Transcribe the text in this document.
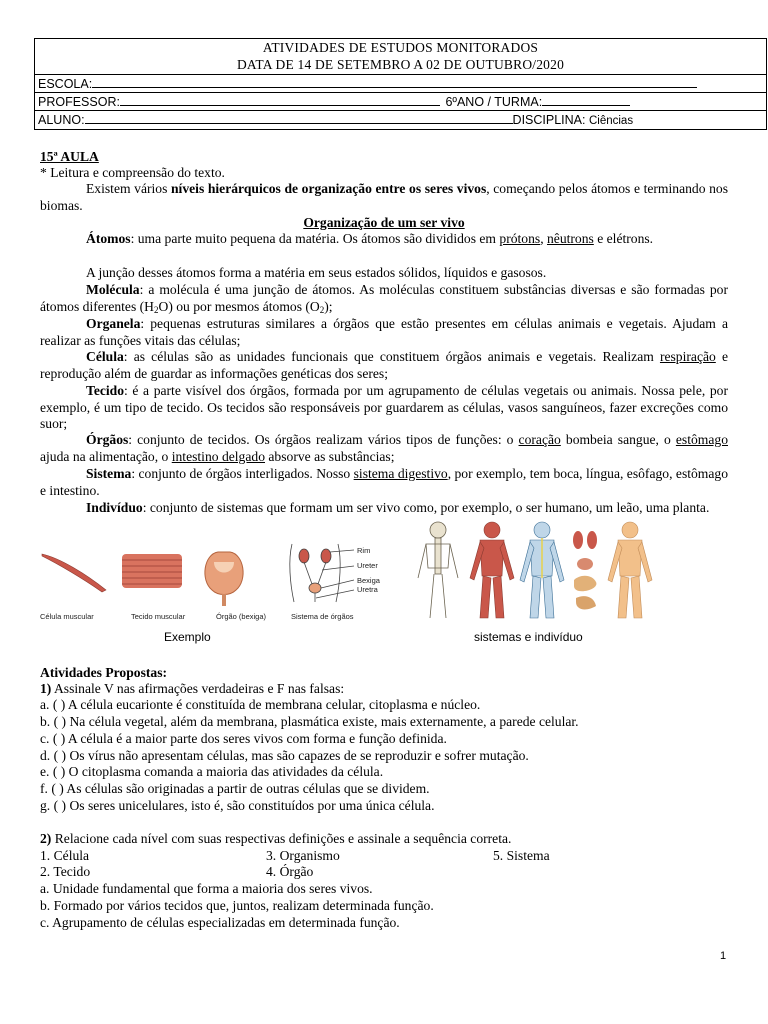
ATIVIDADES DE ESTUDOS MONITORADOS
DATA DE 14 DE SETEMBRO A 02 DE OUTUBRO/2020
ESCOLA:
PROFESSOR:	6ºANO / TURMA:
ALUNO:	DISCIPLINA: Ciências
15ª AULA
* Leitura e compreensão do texto.
Existem vários níveis hierárquicos de organização entre os seres vivos, começando pelos átomos e terminando nos biomas.
Organização de um ser vivo
Átomos: uma parte muito pequena da matéria. Os átomos são divididos em prótons, nêutrons e elétrons.
A junção desses átomos forma a matéria em seus estados sólidos, líquidos e gasosos.
Molécula: a molécula é uma junção de átomos. As moléculas constituem substâncias diversas e são formadas por átomos diferentes $(H_2O)$ ou por mesmos átomos $(O_2)$;
Organela: pequenas estruturas similares a órgãos que estão presentes em células animais e vegetais. Ajudam a realizar as funções vitais das células;
Célula: as células são as unidades funcionais que constituem órgãos animais e vegetais. Realizam respiração e reprodução além de guardar as informações genéticas dos seres;
Tecido: é a parte visível dos órgãos, formada por um agrupamento de células vegetais ou animais. Nossa pele, por exemplo, é um tipo de tecido. Os tecidos são responsáveis por guardarem as células, vasos sanguíneos, fazer excreções como suor;
Órgãos: conjunto de tecidos. Os órgãos realizam vários tipos de funções: o coração bombeia sangue, o estômago ajuda na alimentação, o intestino delgado absorve as substâncias;
Sistema: conjunto de órgãos interligados. Nosso sistema digestivo, por exemplo, tem boca, língua, esôfago, estômago e intestino.
Indivíduo: conjunto de sistemas que formam um ser vivo como, por exemplo, o ser humano, um leão, uma planta.
Rim
Ureter
Bexiga
Uretra
Célula muscular	Tecido muscular	Órgão (bexiga)	Sistema de órgãos
Exemplo	sistemas e indivíduo
Atividades Propostas:
1) Assinale V nas afirmações verdadeiras e F nas falsas:
a. ( ) A célula eucarionte é constituída de membrana celular, citoplasma e núcleo.
b. ( ) Na célula vegetal, além da membrana, plasmática existe, mais externamente, a parede celular.
c. ( ) A célula é a maior parte dos seres vivos com forma e função definida.
d. ( ) Os vírus não apresentam células, mas são capazes de se reproduzir e sofrer mutação.
e. ( ) O citoplasma comanda a maioria das atividades da célula.
f. ( ) As células são originadas a partir de outras células que se dividem.
g. ( ) Os seres unicelulares, isto é, são constituídos por uma única célula.
2) Relacione cada nível com suas respectivas definições e assinale a sequência correta.
1. Célula	3. Organismo	5. Sistema
2. Tecido	4. Órgão
a. Unidade fundamental que forma a maioria dos seres vivos.
b. Formado por vários tecidos que, juntos, realizam determinada função.
c. Agrupamento de células especializadas em determinada função.
1
